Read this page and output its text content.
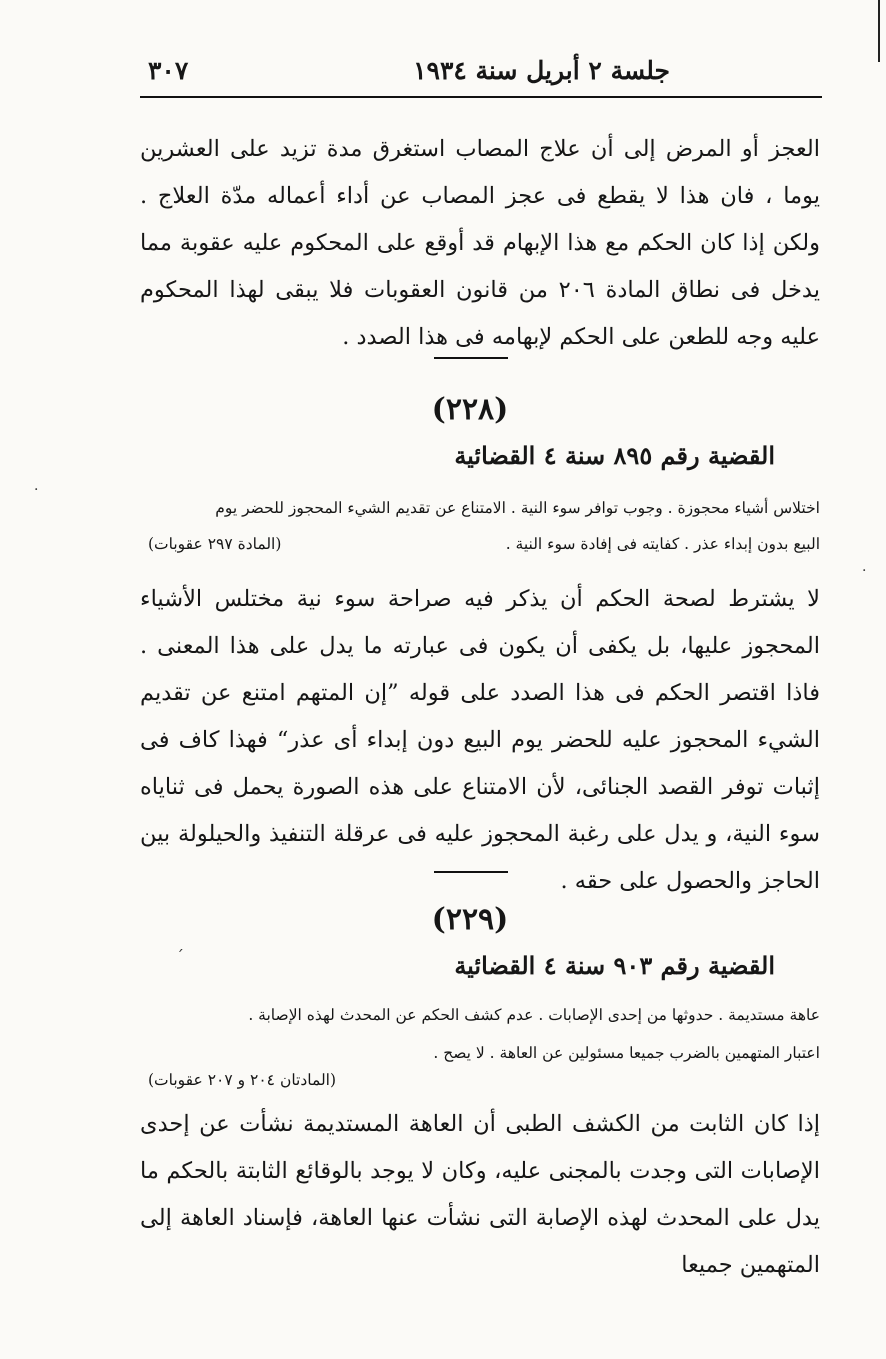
جلسة ٢ أبريل سنة ١٩٣٤
٣٠٧
العجز أو المرض إلى أن علاج المصاب استغرق مدة تزيد على العشرين يوما ، فان هذا لا يقطع فى عجز المصاب عن أداء أعماله مدّة العلاج . ولكن إذا كان الحكم مع هذا الإبهام قد أوقع على المحكوم عليه عقوبة مما يدخل فى نطاق المادة ٢٠٦ من قانون العقوبات فلا يبقى لهذا المحكوم عليه وجه للطعن على الحكم لإبهامه فى هذا الصدد .
(٢٢٨)
القضية رقم ٨٩٥ سنة ٤ القضائية
اختلاس أشياء محجوزة . وجوب توافر سوء النية . الامتناع عن تقديم الشيء المحجوز للحضر يوم
البيع بدون إبداء عذر . كفايته فى إفادة سوء النية .
(المادة ٢٩٧ عقوبات)
لا يشترط لصحة الحكم أن يذكر فيه صراحة سوء نية مختلس الأشياء المحجوز عليها، بل يكفى أن يكون فى عبارته ما يدل على هذا المعنى . فاذا اقتصر الحكم فى هذا الصدد على قوله ”إن المتهم امتنع عن تقديم الشيء المحجوز عليه للحضر يوم البيع دون إبداء أى عذر“ فهذا كاف فى إثبات توفر القصد الجنائى، لأن الامتناع على هذه الصورة يحمل فى ثناياه سوء النية، و يدل على رغبة المحجوز عليه فى عرقلة التنفيذ والحيلولة بين الحاجز والحصول على حقه .
(٢٢٩)
القضية رقم ٩٠٣ سنة ٤ القضائية
عاهة مستديمة . حدوثها من إحدى الإصابات . عدم كشف الحكم عن المحدث لهذه الإصابة .
اعتبار المتهمين بالضرب جميعا مسئولين عن العاهة . لا يصح .
(المادتان ٢٠٤ و ٢٠٧ عقوبات)
إذا كان الثابت من الكشف الطبى أن العاهة المستديمة نشأت عن إحدى الإصابات التى وجدت بالمجنى عليه، وكان لا يوجد بالوقائع الثابتة بالحكم ما يدل على المحدث لهذه الإصابة التى نشأت عنها العاهة، فإسناد العاهة إلى المتهمين جميعا
·
·
´
